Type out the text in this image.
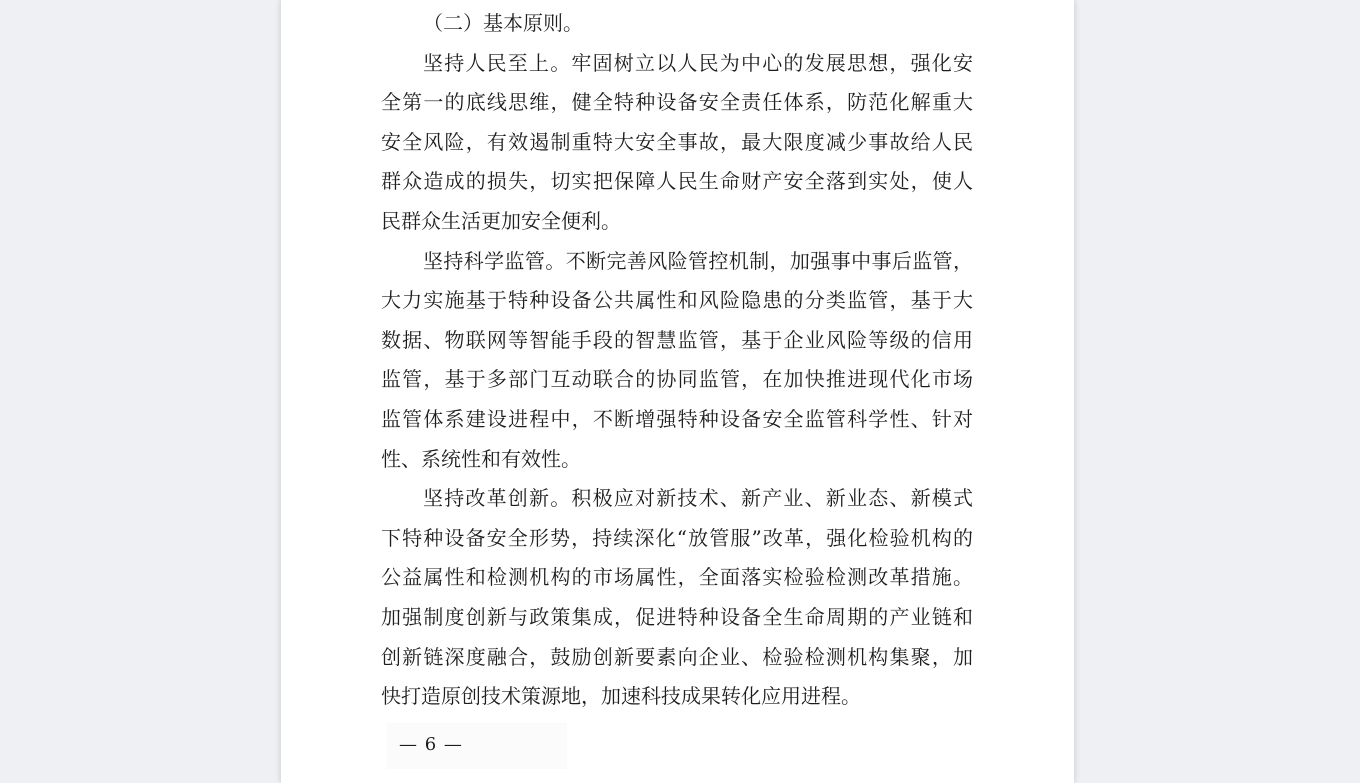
（二）基本原则。
坚持人民至上。牢固树立以人民为中心的发展思想，强化安
全第一的底线思维，健全特种设备安全责任体系，防范化解重大
安全风险，有效遏制重特大安全事故，最大限度减少事故给人民
群众造成的损失，切实把保障人民生命财产安全落到实处，使人
民群众生活更加安全便利。
坚持科学监管。不断完善风险管控机制，加强事中事后监管，
大力实施基于特种设备公共属性和风险隐患的分类监管，基于大
数据、物联网等智能手段的智慧监管，基于企业风险等级的信用
监管，基于多部门互动联合的协同监管，在加快推进现代化市场
监管体系建设进程中，不断增强特种设备安全监管科学性、针对
性、系统性和有效性。
坚持改革创新。积极应对新技术、新产业、新业态、新模式
下特种设备安全形势，持续深化“放管服”改革，强化检验机构的
公益属性和检测机构的市场属性，全面落实检验检测改革措施。
加强制度创新与政策集成，促进特种设备全生命周期的产业链和
创新链深度融合，鼓励创新要素向企业、检验检测机构集聚，加
快打造原创技术策源地，加速科技成果转化应用进程。
— 6 —
